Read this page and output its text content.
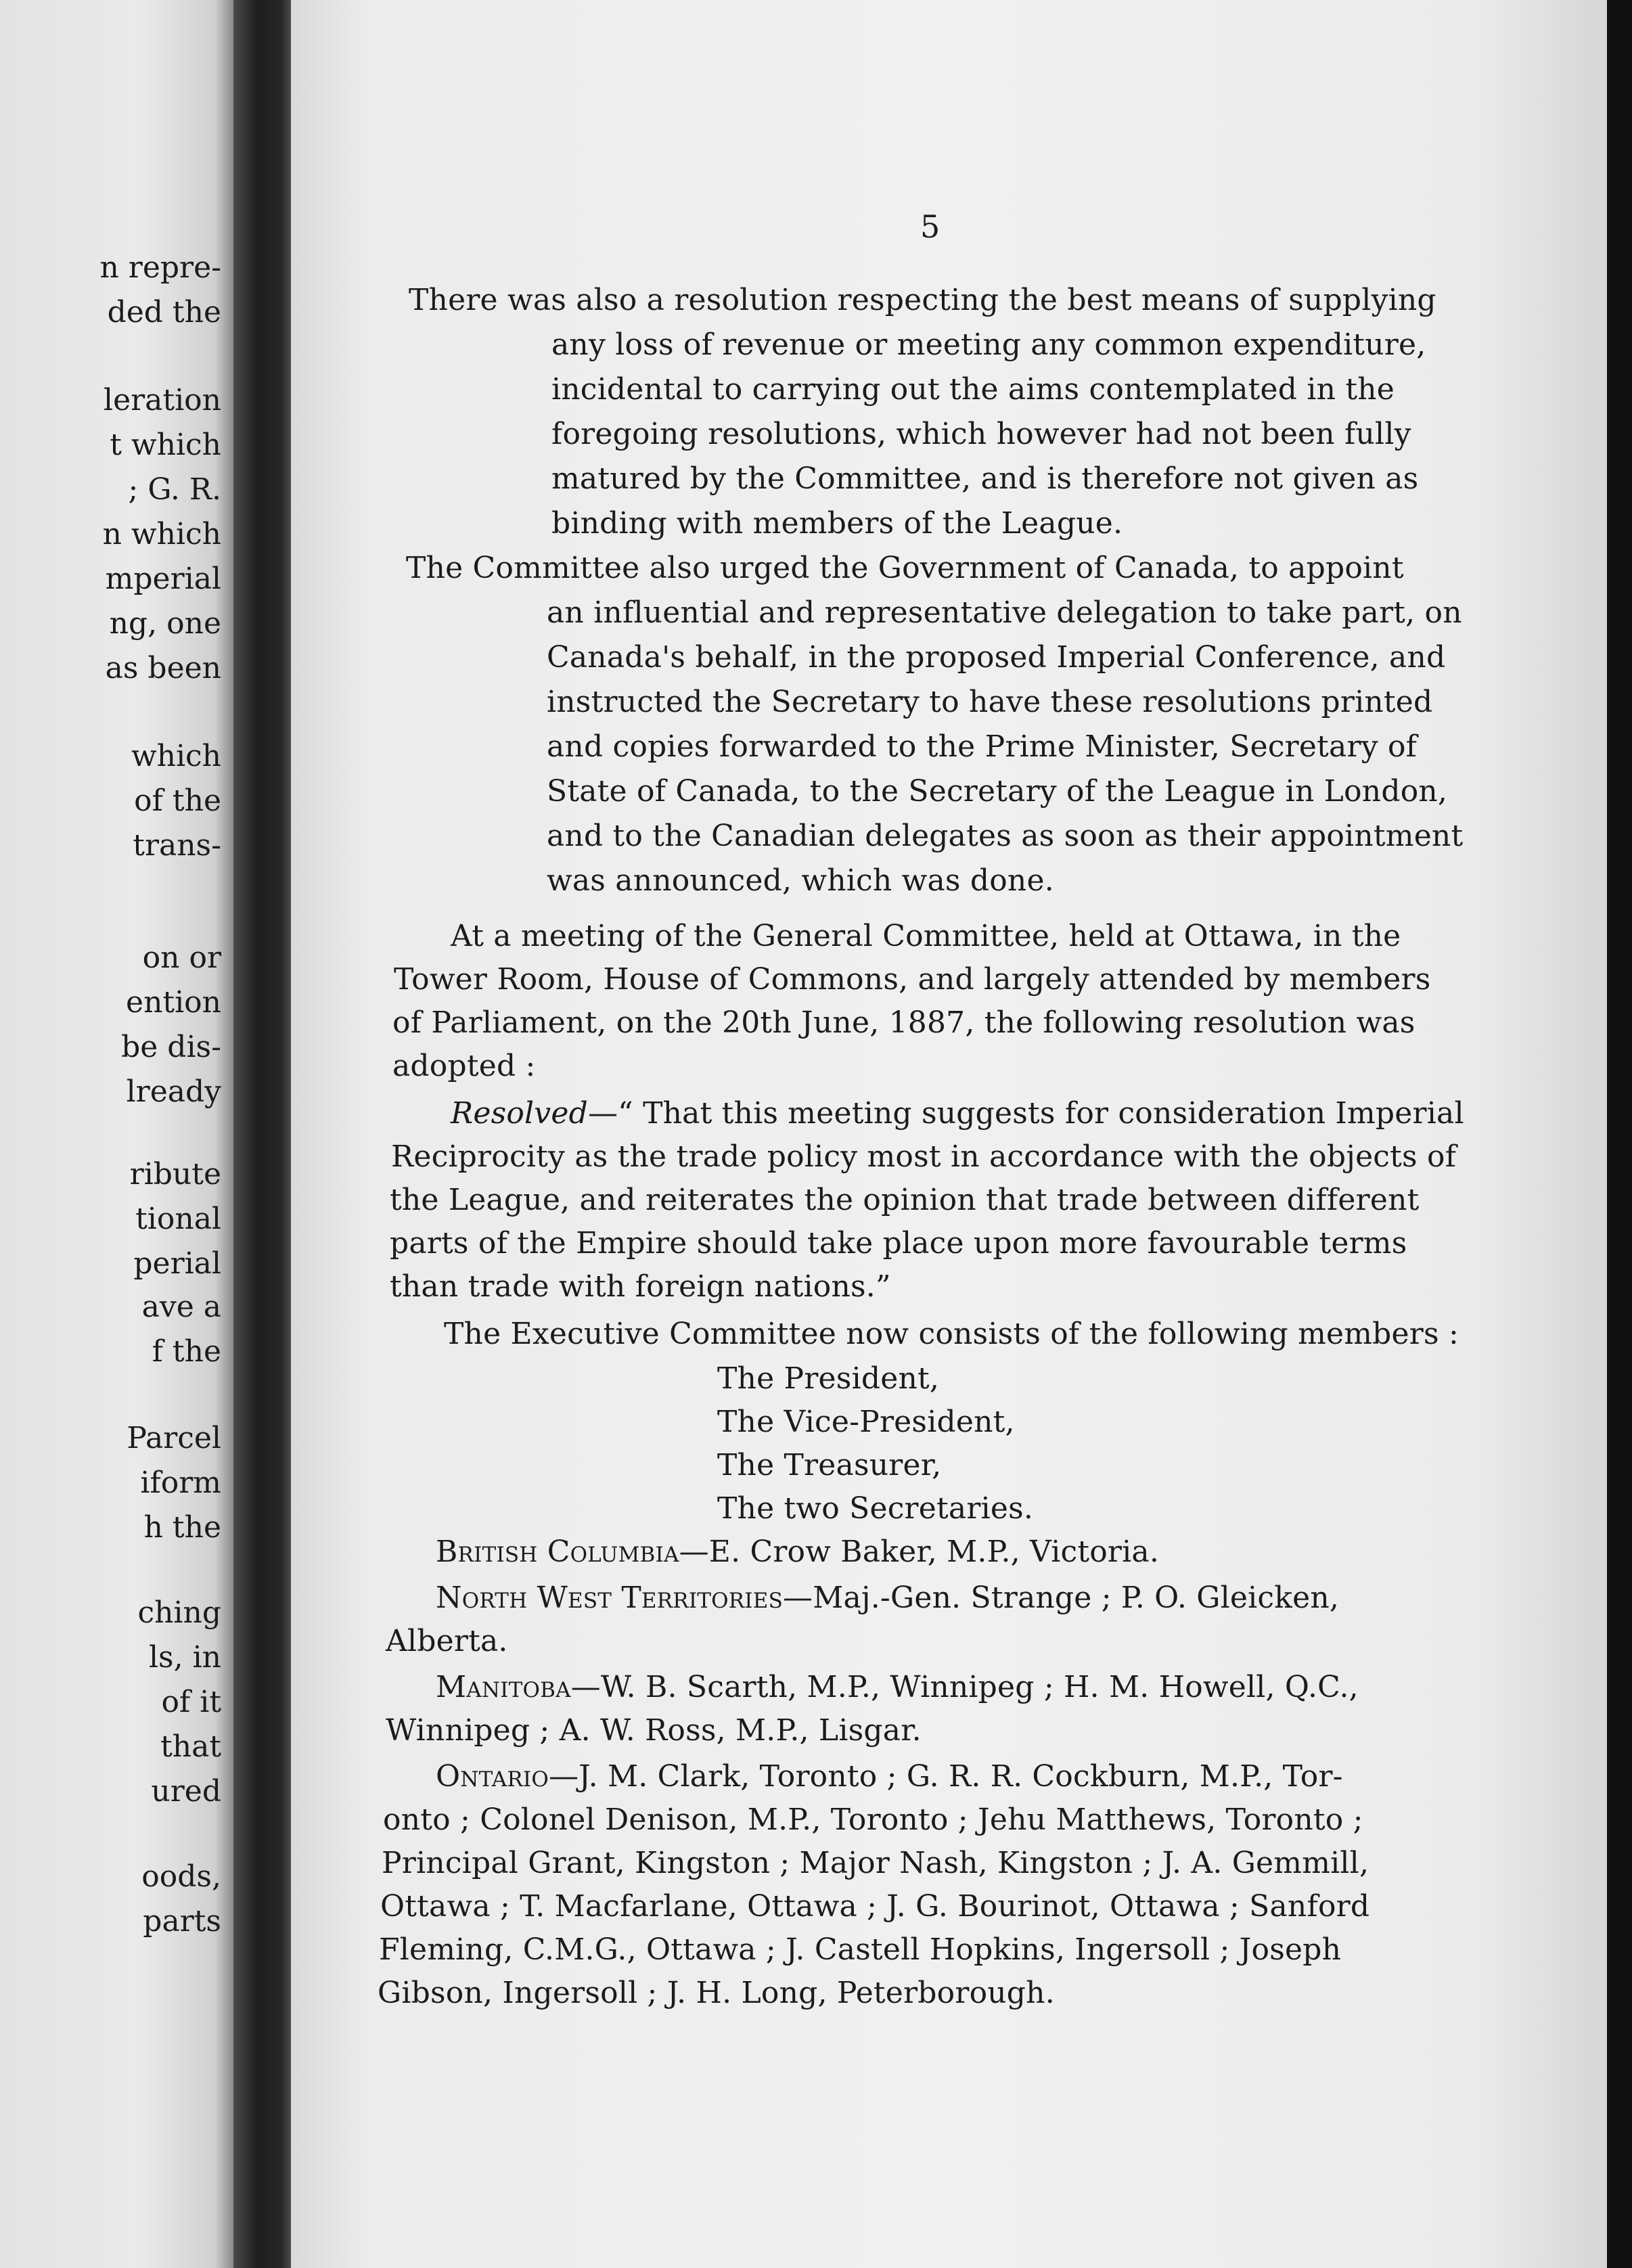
n repre-
ded the
leration
t which
; G. R.
n which
mperial
ng, one
as been
which
of the
trans-
on or
ention
be dis-
lready
ribute
tional
perial
ave a
f the
Parcel
iform
h the
ching
ls, in
of it
that
ured
oods,
parts
5
There was also a resolution respecting the best means of supplying
any loss of revenue or meeting any common expenditure,
incidental to carrying out the aims contemplated in the
foregoing resolutions, which however had not been fully
matured by the Committee, and is therefore not given as
binding with members of the League.
The Committee also urged the Government of Canada, to appoint
an influential and representative delegation to take part, on
Canada's behalf, in the proposed Imperial Conference, and
instructed the Secretary to have these resolutions printed
and copies forwarded to the Prime Minister, Secretary of
State of Canada, to the Secretary of the League in London,
and to the Canadian delegates as soon as their appointment
was announced, which was done.
At a meeting of the General Committee, held at Ottawa, in the
Tower Room, House of Commons, and largely attended by members
of Parliament, on the 20th June, 1887, the following resolution was
adopted :
Resolved—“ That this meeting suggests for consideration Imperial
Reciprocity as the trade policy most in accordance with the objects of
the League, and reiterates the opinion that trade between different
parts of the Empire should take place upon more favourable terms
than trade with foreign nations.”
The Executive Committee now consists of the following members :
The President,
The Vice-President,
The Treasurer,
The two Secretaries.
British Columbia—E. Crow Baker, M.P., Victoria.
North West Territories—Maj.-Gen. Strange ; P. O. Gleicken,
Alberta.
Manitoba—W. B. Scarth, M.P., Winnipeg ; H. M. Howell, Q.C.,
Winnipeg ; A. W. Ross, M.P., Lisgar.
Ontario—J. M. Clark, Toronto ; G. R. R. Cockburn, M.P., Tor-
onto ; Colonel Denison, M.P., Toronto ; Jehu Matthews, Toronto ;
Principal Grant, Kingston ; Major Nash, Kingston ; J. A. Gemmill,
Ottawa ; T. Macfarlane, Ottawa ; J. G. Bourinot, Ottawa ; Sanford
Fleming, C.M.G., Ottawa ; J. Castell Hopkins, Ingersoll ; Joseph
Gibson, Ingersoll ; J. H. Long, Peterborough.
